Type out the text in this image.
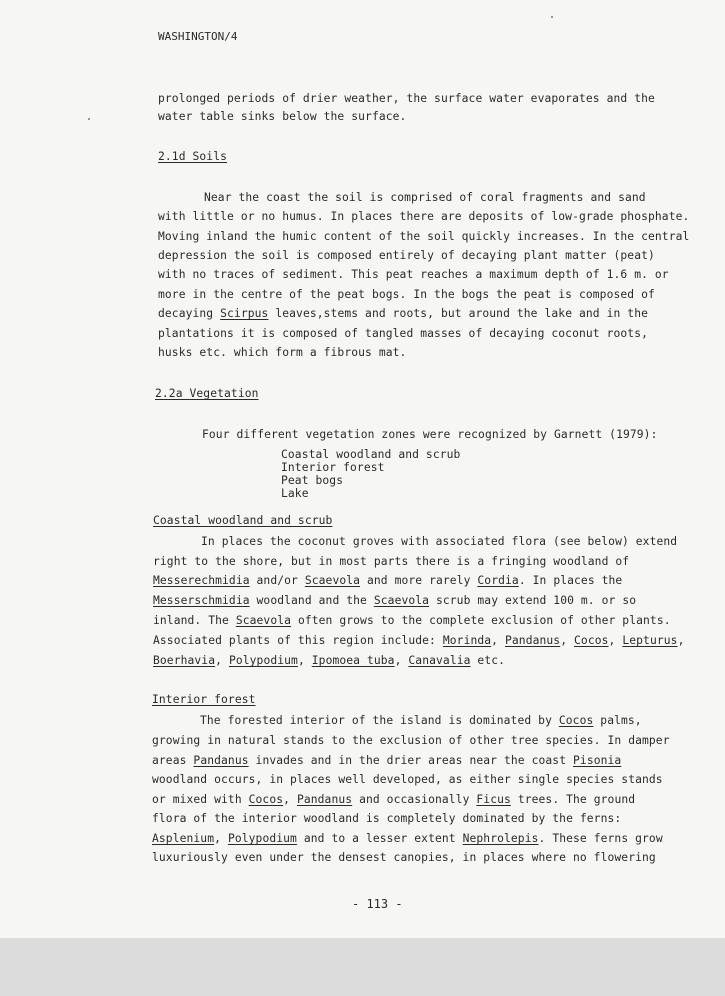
WASHINGTON/4
prolonged periods of drier weather, the surface water evaporates and the
water table sinks below the surface.
2.1d Soils
Near the coast the soil is comprised of coral fragments and sand
with little or no humus. In places there are deposits of low-grade phosphate.
Moving inland the humic content of the soil quickly increases. In the central
depression the soil is composed entirely of decaying plant matter (peat)
with no traces of sediment. This peat reaches a maximum depth of 1.6 m. or
more in the centre of the peat bogs. In the bogs the peat is composed of
decaying Scirpus leaves,stems and roots, but around the lake and in the
plantations it is composed of tangled masses of decaying coconut roots,
husks etc. which form a fibrous mat.
2.2a Vegetation
Four different vegetation zones were recognized by Garnett (1979):
Coastal woodland and scrub
Interior forest
Peat bogs
Lake
Coastal woodland and scrub
In places the coconut groves with associated flora (see below) extend
right to the shore, but in most parts there is a fringing woodland of
Messerechmidia and/or Scaevola and more rarely Cordia. In places the
Messerschmidia woodland and the Scaevola scrub may extend 100 m. or so
inland. The Scaevola often grows to the complete exclusion of other plants.
Associated plants of this region include: Morinda, Pandanus, Cocos, Lepturus,
Boerhavia, Polypodium, Ipomoea tuba, Canavalia etc.
Interior forest
The forested interior of the island is dominated by Cocos palms,
growing in natural stands to the exclusion of other tree species. In damper
areas Pandanus invades and in the drier areas near the coast Pisonia
woodland occurs, in places well developed, as either single species stands
or mixed with Cocos, Pandanus and occasionally Ficus trees. The ground
flora of the interior woodland is completely dominated by the ferns:
Asplenium, Polypodium and to a lesser extent Nephrolepis. These ferns grow
luxuriously even under the densest canopies, in places where no flowering
- 113 -
